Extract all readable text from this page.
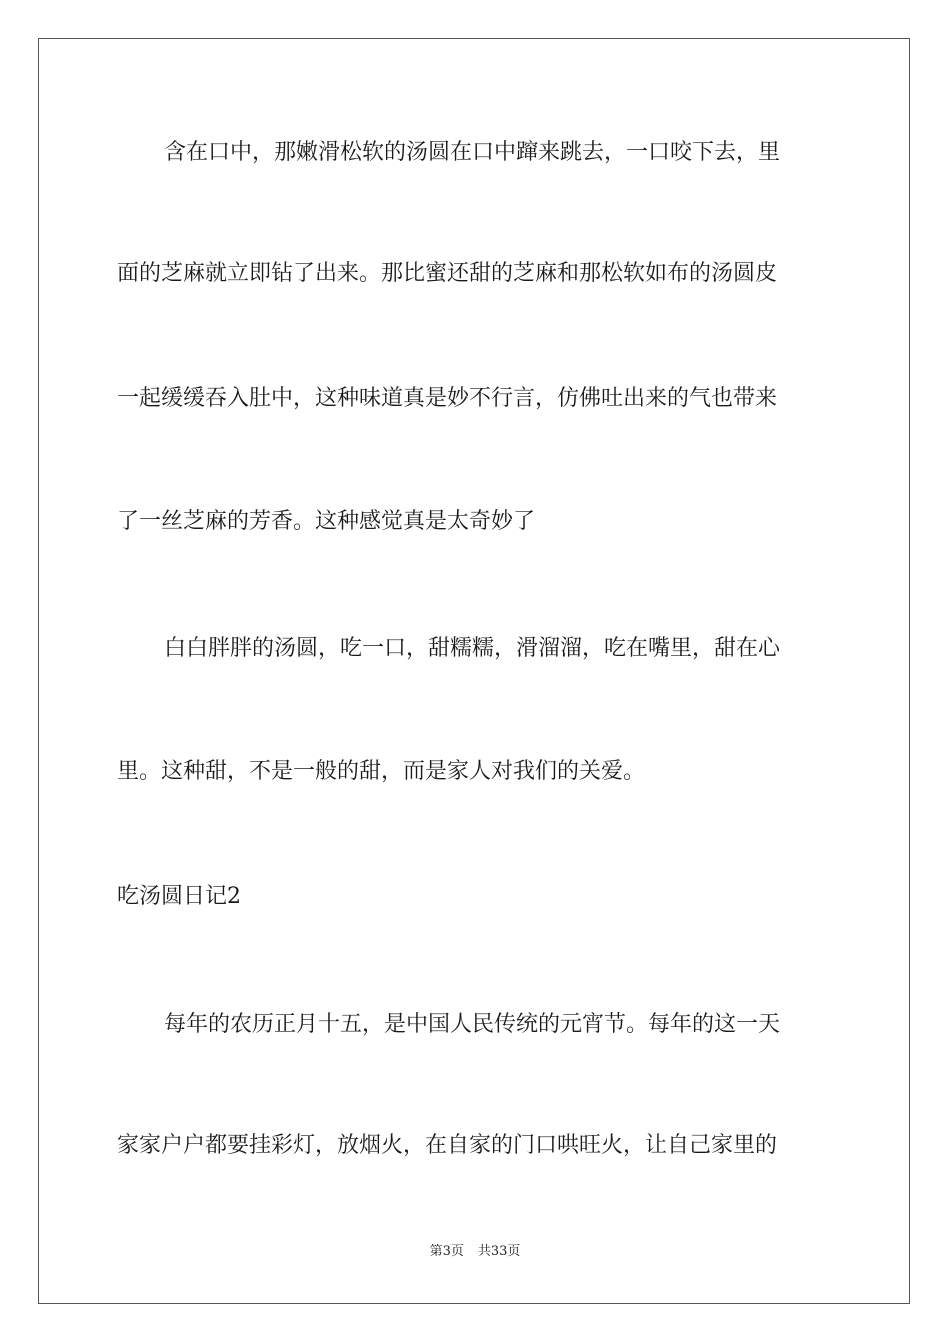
含在口中，那嫩滑松软的汤圆在口中蹿来跳去，一口咬下去，里
面的芝麻就立即钻了出来。那比蜜还甜的芝麻和那松软如布的汤圆皮
一起缓缓吞入肚中，这种味道真是妙不行言，仿佛吐出来的气也带来
了一丝芝麻的芳香。这种感觉真是太奇妙了
白白胖胖的汤圆，吃一口，甜糯糯，滑溜溜，吃在嘴里，甜在心
里。这种甜，不是一般的甜，而是家人对我们的关爱。
吃汤圆日记2
每年的农历正月十五，是中国人民传统的元宵节。每年的这一天
家家户户都要挂彩灯，放烟火，在自家的门口哄旺火，让自己家里的
第3页 共33页
